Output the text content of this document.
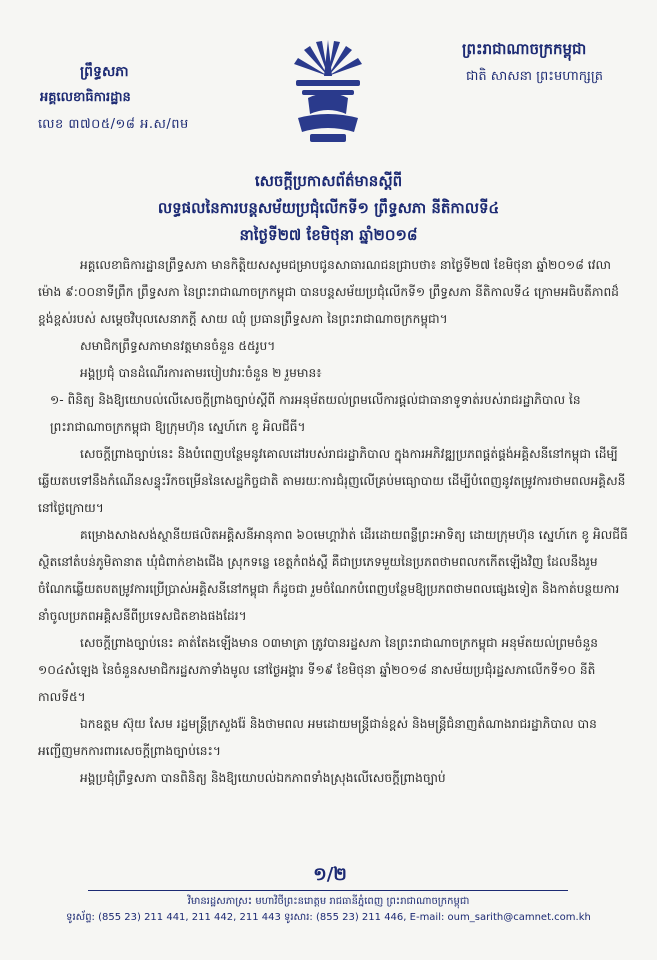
ព្រឹទ្ធសភា
អគ្គលេខាធិការដ្ឋាន
លេខ ៣៧០៥/១៨ អ.ស/ពម
ព្រះរាជាណាចក្រកម្ពុជា
ជាតិ សាសនា ព្រះមហាក្សត្រ
សេចក្តីប្រកាសព័ត៌មានស្តីពី
លទ្ធផលនៃការបន្តសម័យប្រជុំលើកទី១ ព្រឹទ្ធសភា នីតិកាលទី៤
នាថ្ងៃទី២៧ ខែមិថុនា ឆ្នាំ២០១៨

អគ្គលេខាធិការដ្ឋានព្រឹទ្ធសភា មានកិត្តិយសសូមជម្រាបជូនសាធារណជនជ្រាបថា៖ នាថ្ងៃទី២៧ ខែមិថុនា ឆ្នាំ២០១៨ វេលាម៉ោង ៩:០០នាទីព្រឹក ព្រឹទ្ធសភា នៃព្រះរាជាណាចក្រកម្ពុជា បានបន្តសម័យប្រជុំលើកទី១ ព្រឹទ្ធសភា នីតិកាលទី៤ ក្រោមអធិបតីភាពដ៏ខ្ពង់ខ្ពស់របស់ សម្តេចវិបុលសេនាភក្តី សាយ ឈុំ ប្រធានព្រឹទ្ធសភា នៃព្រះរាជាណាចក្រកម្ពុជា។

សមាជិកព្រឹទ្ធសភាមានវត្តមានចំនួន ៥៥រូប។

អង្គប្រជុំ បានដំណើរការតាមរបៀបវារៈចំនួន ២ រួមមាន៖

១- ពិនិត្យ និងឱ្យយោបល់លើសេចក្តីព្រាងច្បាប់ស្តីពី ការអនុម័តយល់ព្រមលើការផ្តល់ជាធានាទូទាត់របស់រាជរដ្ឋាភិបាល នៃព្រះរាជាណាចក្រកម្ពុជា ឱ្យក្រុមហ៊ុន ស្នេហ៍កេ ខូ អិលជីធី។

សេចក្តីព្រាងច្បាប់នេះ និងបំពេញបន្ថែមនូវគោលដៅរបស់រាជរដ្ឋាភិបាល ក្នុងការអភិវឌ្ឍប្រភពផ្គត់ផ្គង់អគ្គិសនីនៅកម្ពុជា ដើម្បីឆ្លើយតបទៅនឹងកំណើនសន្ទុះរីកចម្រើននៃសេដ្ឋកិច្ចជាតិ តាមរយៈការជំរុញលើគ្រប់មធ្យោបាយ ដើម្បីបំពេញនូវតម្រូវការថាមពលអគ្គិសនីនៅថ្ងៃក្រោយ។

គម្រោងសាងសង់ស្ថានីយផលិតអគ្គិសនីអានុភាព ៦០មេហ្គាវ៉ាត់ ដើរដោយពន្លឺព្រះអាទិត្យ ដោយក្រុមហ៊ុន ស្នេហ៍កេ ខូ អិលជីធី ស្ថិតនៅតំបន់ភូមិតានាត ឃុំជំពាក់ខាងជើង ស្រុកទន្លេ ខេត្តកំពង់ស្ពឺ គឺជាប្រភេទមួយនៃប្រភពថាមពលកកើតឡើងវិញ ដែលនឹងរួមចំណែកឆ្លើយតបតម្រូវការប្រើប្រាស់អគ្គិសនីនៅកម្ពុជា ក៏ដូចជា រួមចំណែកបំពេញបន្ថែមឱ្យប្រភពថាមពលផ្សេងទៀត និងកាត់បន្ថយការនាំចូលប្រភពអគ្គិសនីពីប្រទេសជិតខាងផងដែរ។

សេចក្តីព្រាងច្បាប់នេះ គាត់តែងឡើងមាន ០៣មាត្រា ត្រូវបានរដ្ឋសភា នៃព្រះរាជាណាចក្រកម្ពុជា អនុម័តយល់ព្រមចំនួន ១០៤សំឡេង នៃចំនួនសមាជិករដ្ឋសភាទាំងមូល នៅថ្ងៃអង្គារ ទី១៩ ខែមិថុនា ឆ្នាំ២០១៨ នាសម័យប្រជុំរដ្ឋសភាលើកទី១០ នីតិកាលទី៥។

ឯកឧត្តម ស៊ុយ សែម រដ្ឋមន្ត្រីក្រសួងរ៉ែ និងថាមពល អមដោយមន្ត្រីជាន់ខ្ពស់ និងមន្ត្រីជំនាញតំណាងរាជរដ្ឋាភិបាល បានអញ្ជើញមកការពារសេចក្តីព្រាងច្បាប់នេះ។

អង្គប្រជុំព្រឹទ្ធសភា បានពិនិត្យ និងឱ្យយោបល់ឯកភាពទាំងស្រុងលើសេចក្តីព្រាងច្បាប់

១/២
វិមានរដ្ឋសភាស្រះ មហាវិថីព្រះនរោត្តម រាជធានីភ្នំពេញ ព្រះរាជាណាចក្រកម្ពុជា
ទូរស័ព្ទ: (855 23) 211 441, 211 442, 211 443 ទូរសារ: (855 23) 211 446, E-mail: oum_sarith@camnet.com.kh
